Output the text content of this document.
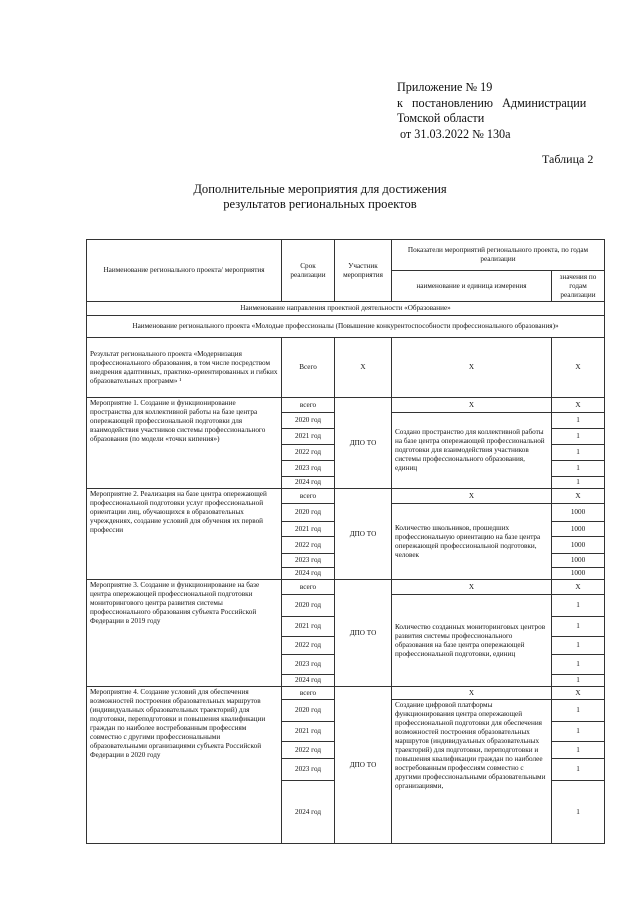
Приложение № 19
к постановлению Администрации
Томской области
от 31.03.2022 № 130а
Таблица 2
Дополнительные мероприятия для достижения
результатов региональных проектов
Наименование регионального проекта/ мероприятия	Срок реализации	Участник мероприятия	Показатели мероприятий регионального проекта, по годам реализации	
			наименование и единица измерения	значения по годам реализации
Наименование направления проектной деятельности «Образование»				
Наименование регионального проекта «Молодые профессионалы (Повышение конкурентоспособности профессионального образования)»				
Результат регионального проекта «Модернизация профессионального образования, в том числе посредством внедрения адаптивных, практико-ориентированных и гибких образовательных программ» ¹	Всего	Х	Х	Х
Мероприятие 1. Создание и функционирование пространства для коллективной работы на базе центра опережающей профессиональной подготовки для взаимодействия участников системы профессионального образования (по модели «точки кипения»)	всего	ДПО ТО	Х	Х
	2020 год		Создано пространство для коллективной работы на базе центра опережающей профессиональной подготовки для взаимодействия участников системы профессионального образования, единиц	1
	2021 год			1
	2022 год			1
	2023 год			1
	2024 год			1
Мероприятие 2. Реализация на базе центра опережающей профессиональной подготовки услуг профессиональной ориентации лиц, обучающихся в образовательных учреждениях, создание условий для обучения их первой профессии	всего	ДПО ТО	Х	Х
	2020 год		Количество школьников, прошедших профессиональную ориентацию на базе центра опережающей профессиональной подготовки, человек	1000
	2021 год			1000
	2022 год			1000
	2023 год			1000
	2024 год			1000
Мероприятие 3. Создание и функционирование на базе центра опережающей профессиональной подготовки мониторингового центра развития системы профессионального образования субъекта Российской Федерации в 2019 году	всего	ДПО ТО	Х	Х
	2020 год		Количество созданных мониторинговых центров развития системы профессионального образования на базе центра опережающей профессиональной подготовки, единиц	1
	2021 год			1
	2022 год			1
	2023 год			1
	2024 год			1
Мероприятие 4. Создание условий для обеспечения возможностей построения образовательных маршрутов (индивидуальных образовательных траекторий) для подготовки, переподготовки и повышения квалификации граждан по наиболее востребованным профессиям совместно с другими профессиональными образовательными организациями субъекта Российской Федерации в 2020 году	всего	ДПО ТО	Х	Х
	2020 год		Создание цифровой платформы функционирования центра опережающей профессиональной подготовки для обеспечения возможностей построения образовательных маршрутов (индивидуальных образовательных траекторий) для подготовки, переподготовки и повышения квалификации граждан по наиболее востребованным профессиям совместно с другими профессиональными образовательными организациями,	1
	2021 год			1
	2022 год			1
	2023 год			1
	2024 год			1
